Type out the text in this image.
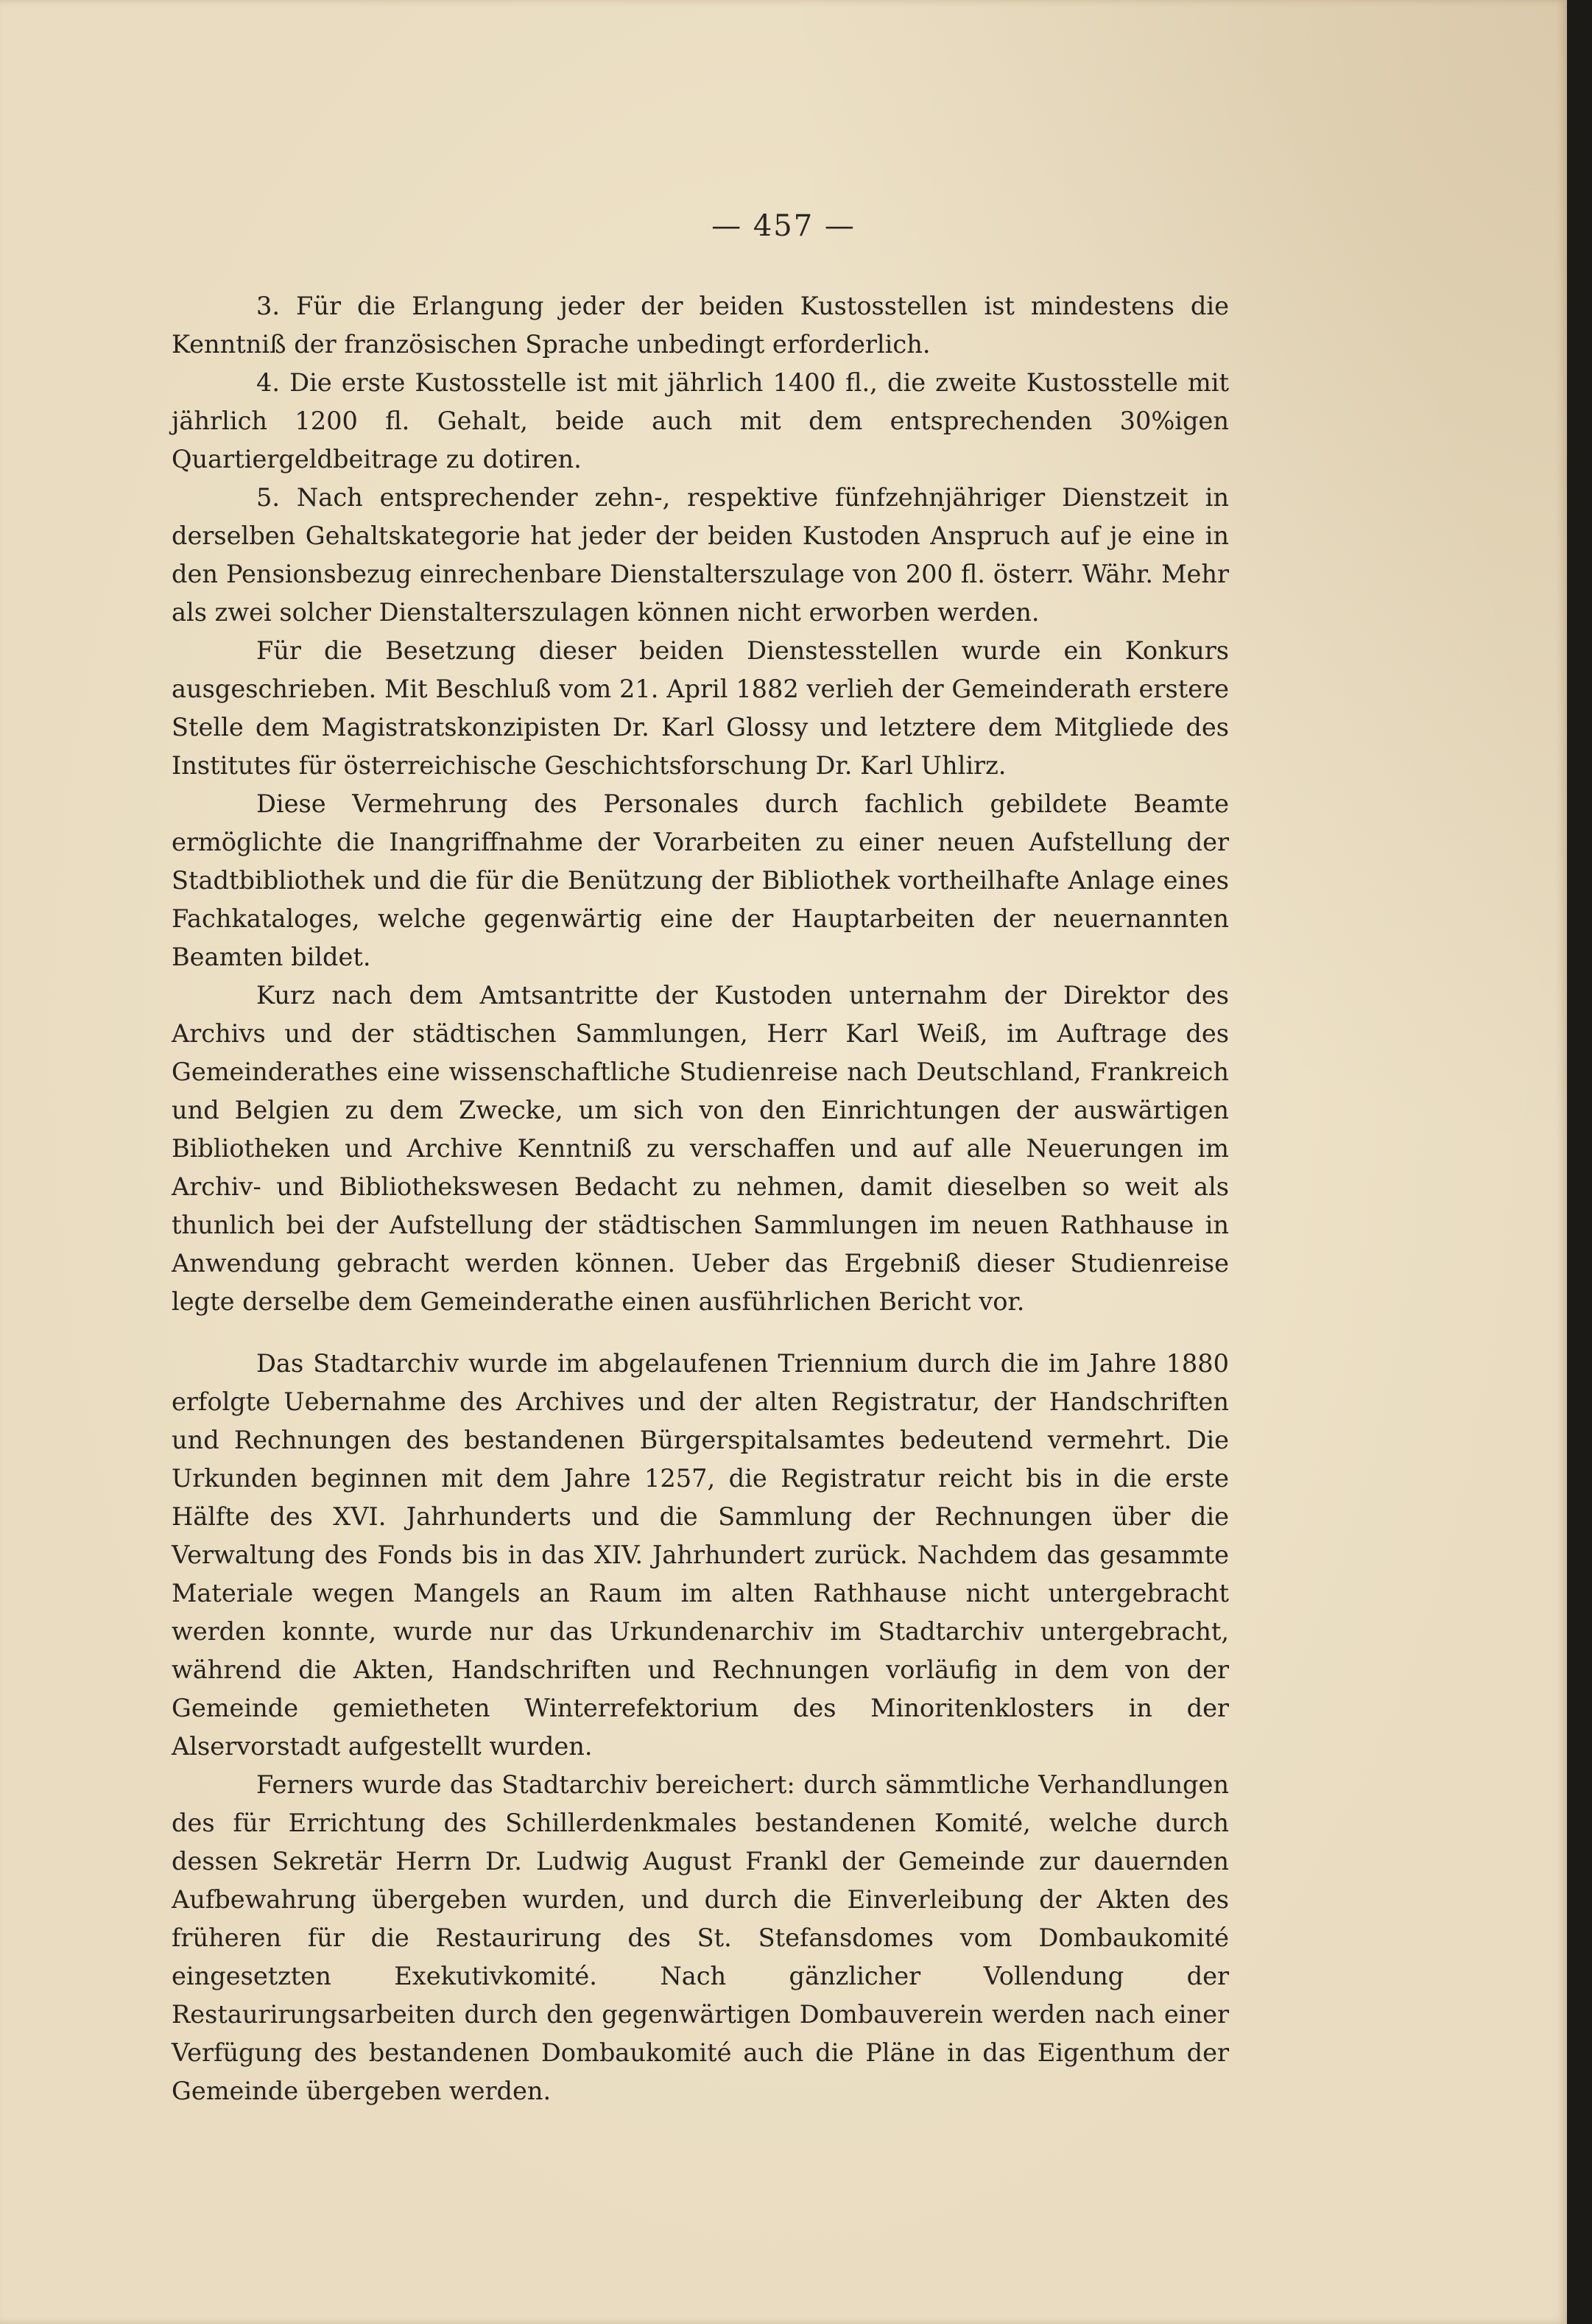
— 457 —

3. Für die Erlangung jeder der beiden Kustosstellen ist mindestens die Kenntniß der französischen Sprache unbedingt erforderlich.

4. Die erste Kustosstelle ist mit jährlich 1400 fl., die zweite Kustosstelle mit jährlich 1200 fl. Gehalt, beide auch mit dem entsprechenden 30%igen Quartiergeldbeitrage zu dotiren.

5. Nach entsprechender zehn-, respektive fünfzehnjähriger Dienstzeit in derselben Gehaltskategorie hat jeder der beiden Kustoden Anspruch auf je eine in den Pensionsbezug einrechenbare Dienstalterszulage von 200 fl. österr. Währ. Mehr als zwei solcher Dienstalterszulagen können nicht erworben werden.

Für die Besetzung dieser beiden Dienstesstellen wurde ein Konkurs ausgeschrieben. Mit Beschluß vom 21. April 1882 verlieh der Gemeinderath erstere Stelle dem Magistratskonzipisten Dr. Karl Glossy und letztere dem Mitgliede des Institutes für österreichische Geschichtsforschung Dr. Karl Uhlirz.

Diese Vermehrung des Personales durch fachlich gebildete Beamte ermöglichte die Inangriffnahme der Vorarbeiten zu einer neuen Aufstellung der Stadtbibliothek und die für die Benützung der Bibliothek vortheilhafte Anlage eines Fachkataloges, welche gegenwärtig eine der Hauptarbeiten der neuernannten Beamten bildet.

Kurz nach dem Amtsantritte der Kustoden unternahm der Direktor des Archivs und der städtischen Sammlungen, Herr Karl Weiß, im Auftrage des Gemeinderathes eine wissenschaftliche Studienreise nach Deutschland, Frankreich und Belgien zu dem Zwecke, um sich von den Einrichtungen der auswärtigen Bibliotheken und Archive Kenntniß zu verschaffen und auf alle Neuerungen im Archiv- und Bibliothekswesen Bedacht zu nehmen, damit dieselben so weit als thunlich bei der Aufstellung der städtischen Sammlungen im neuen Rathhause in Anwendung gebracht werden können. Ueber das Ergebniß dieser Studienreise legte derselbe dem Gemeinderathe einen ausführlichen Bericht vor.

Das Stadtarchiv wurde im abgelaufenen Triennium durch die im Jahre 1880 erfolgte Uebernahme des Archives und der alten Registratur, der Handschriften und Rechnungen des bestandenen Bürgerspitalsamtes bedeutend vermehrt. Die Urkunden beginnen mit dem Jahre 1257, die Registratur reicht bis in die erste Hälfte des XVI. Jahrhunderts und die Sammlung der Rechnungen über die Verwaltung des Fonds bis in das XIV. Jahrhundert zurück. Nachdem das gesammte Materiale wegen Mangels an Raum im alten Rathhause nicht untergebracht werden konnte, wurde nur das Urkundenarchiv im Stadtarchiv untergebracht, während die Akten, Handschriften und Rechnungen vorläufig in dem von der Gemeinde gemietheten Winterrefektorium des Minoritenklosters in der Alservorstadt aufgestellt wurden.

Ferners wurde das Stadtarchiv bereichert: durch sämmtliche Verhandlungen des für Errichtung des Schillerdenkmales bestandenen Komité, welche durch dessen Sekretär Herrn Dr. Ludwig August Frankl der Gemeinde zur dauernden Aufbewahrung übergeben wurden, und durch die Einverleibung der Akten des früheren für die Restaurirung des St. Stefansdomes vom Dombaukomité eingesetzten Exekutivkomité. Nach gänzlicher Vollendung der Restaurirungsarbeiten durch den gegenwärtigen Dombauverein werden nach einer Verfügung des bestandenen Dombaukomité auch die Pläne in das Eigenthum der Gemeinde übergeben werden.
